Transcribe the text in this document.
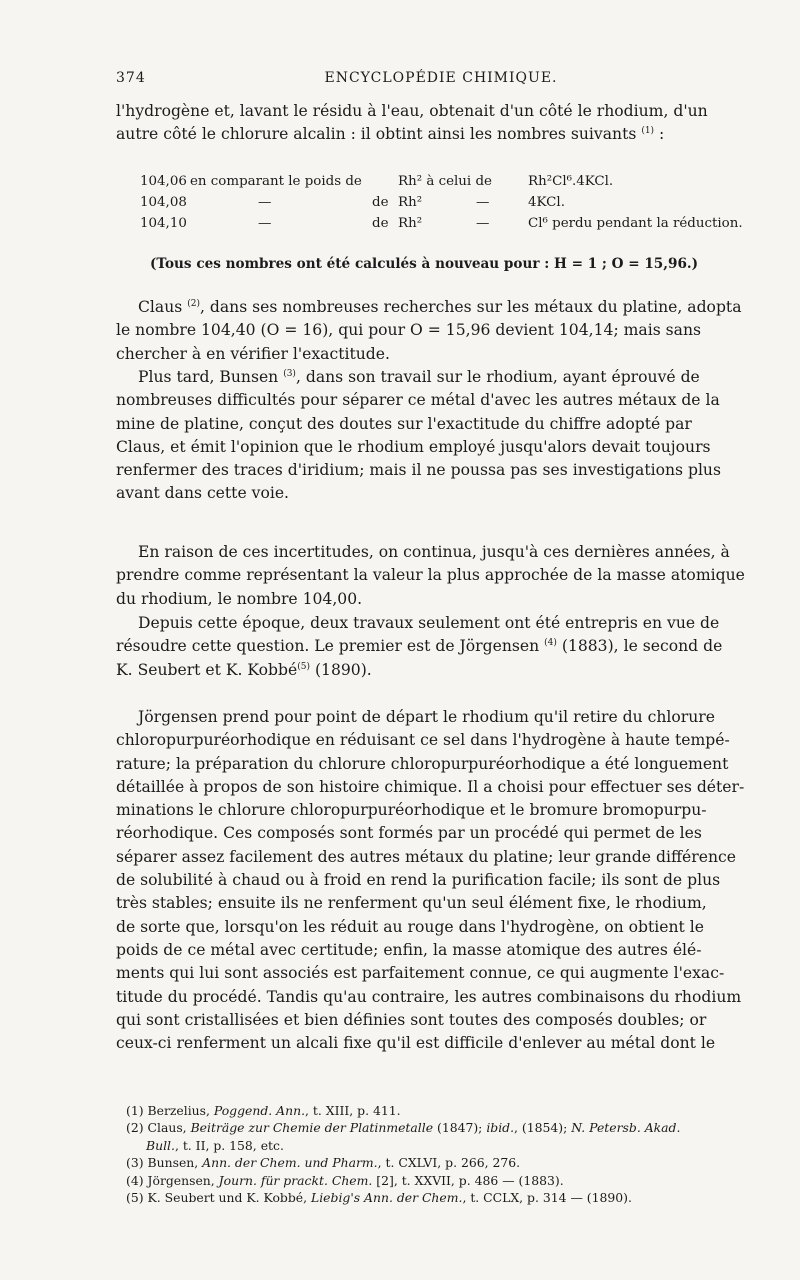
374	ENCYCLOPÉDIE CHIMIQUE.

l'hydrogène et, lavant le résidu à l'eau, obtenait d'un côté le rhodium, d'un

autre côté le chlorure alcalin : il obtint ainsi les nombres suivants $^{(1)}$ :

104,06 en comparant le poids de	Rh² à celui de	Rh²Cl⁶.4KCl.
104,08	—	de Rh²	—	4KCl.
104,10	—	de Rh²	—	Cl⁶ perdu pendant la réduction.
(Tous ces nombres ont été calculés à nouveau pour : H = 1 ; O = 15,96.)

Claus $^{(2)}$, dans ses nombreuses recherches sur les métaux du platine, adopta

le nombre 104,40 (O = 16), qui pour O = 15,96 devient 104,14; mais sans

chercher à en vérifier l'exactitude.

Plus tard, Bunsen $^{(3)}$, dans son travail sur le rhodium, ayant éprouvé de

nombreuses difficultés pour séparer ce métal d'avec les autres métaux de la

mine de platine, conçut des doutes sur l'exactitude du chiffre adopté par

Claus, et émit l'opinion que le rhodium employé jusqu'alors devait toujours

renfermer des traces d'iridium; mais il ne poussa pas ses investigations plus

avant dans cette voie.

En raison de ces incertitudes, on continua, jusqu'à ces dernières années, à

prendre comme représentant la valeur la plus approchée de la masse atomique

du rhodium, le nombre 104,00.

Depuis cette époque, deux travaux seulement ont été entrepris en vue de

résoudre cette question. Le premier est de Jörgensen $^{(4)}$ (1883), le second de

K. Seubert et K. Kobbé$^{(5)}$ (1890).

Jörgensen prend pour point de départ le rhodium qu'il retire du chlorure

chloropurpuréorhodique en réduisant ce sel dans l'hydrogène à haute tempé-

rature; la préparation du chlorure chloropurpuréorhodique a été longuement

détaillée à propos de son histoire chimique. Il a choisi pour effectuer ses déter-

minations le chlorure chloropurpuréorhodique et le bromure bromopurpu-

réorhodique. Ces composés sont formés par un procédé qui permet de les

séparer assez facilement des autres métaux du platine; leur grande différence

de solubilité à chaud ou à froid en rend la purification facile; ils sont de plus

très stables; ensuite ils ne renferment qu'un seul élément fixe, le rhodium,

de sorte que, lorsqu'on les réduit au rouge dans l'hydrogène, on obtient le

poids de ce métal avec certitude; enfin, la masse atomique des autres élé-

ments qui lui sont associés est parfaitement connue, ce qui augmente l'exac-

titude du procédé. Tandis qu'au contraire, les autres combinaisons du rhodium

qui sont cristallisées et bien définies sont toutes des composés doubles; or

ceux-ci renferment un alcali fixe qu'il est difficile d'enlever au métal dont le

(1) Berzelius, Poggend. Ann., t. XIII, p. 411.

(2) Claus, Beiträge zur Chemie der Platinmetalle (1847); ibid., (1854); N. Petersb. Akad.

Bull., t. II, p. 158, etc.

(3) Bunsen, Ann. der Chem. und Pharm., t. CXLVI, p. 266, 276.

(4) Jörgensen, Journ. für prackt. Chem. [2], t. XXVII, p. 486 — (1883).

(5) K. Seubert und K. Kobbé, Liebig's Ann. der Chem., t. CCLX, p. 314 — (1890).
